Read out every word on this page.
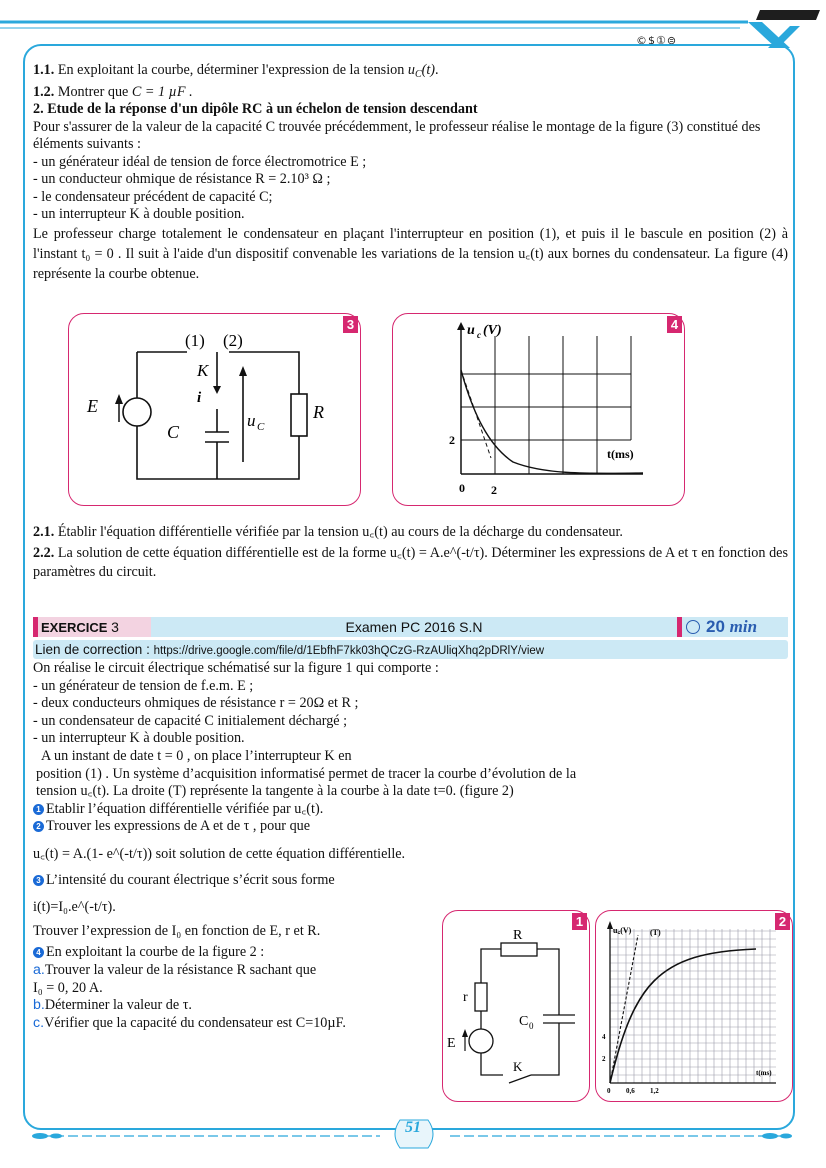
©$①⊜

1.1. En exploitant la courbe, déterminer l'expression de la tension $u_C(t)$.

1.2. Montrer que C = 1 µF .

2. Etude de la réponse d'un dipôle RC à un échelon de tension descendant

Pour s'assurer de la valeur de la capacité C trouvée précédemment, le professeur réalise le montage de la figure (3) constitué des éléments suivants :

- un générateur idéal de tension de force électromotrice E ;

- un conducteur ohmique de résistance R = 2.10³ Ω ;

- le condensateur précédent de capacité C;

- un interrupteur K à double position.

Le professeur charge totalement le condensateur en plaçant l'interrupteur en position (1), et puis il le bascule en position (2) à l'instant t₀ = 0 . Il suit à l'aide d'un dispositif convenable les variations de la tension u꜀(t) aux bornes du condensateur. La figure (4) représente la courbe obtenue.

3
(1) (2)
K
i
E
C
u C
R
4
u c (V)
t(ms)
0 2
2

2.1. Établir l'équation différentielle vérifiée par la tension u꜀(t) au cours de la décharge du condensateur.

2.2. La solution de cette équation différentielle est de la forme u꜀(t) = A.e^(-t/τ). Déterminer les expressions de A et τ en fonction des paramètres du circuit.

EXERCICE 3	Examen PC 2016 S.N	20 min
Lien de correction : https://drive.google.com/file/d/1EbfhF7kk03hQCzG-RzAUliqXhq2pDRlY/view

On réalise le circuit électrique schématisé sur la figure 1 qui comporte :

- un générateur de tension de f.e.m. E ;

- deux conducteurs ohmiques de résistance r = 20Ω et R ;

- un condensateur de capacité C initialement déchargé ;

- un interrupteur K à double position.

A un instant de date t = 0 , on place l’interrupteur K en

position (1) . Un système d’acquisition informatisé permet de tracer la courbe d’évolution de la

tension u꜀(t). La droite (T) représente la tangente à la courbe à la date t=0. (figure 2)

1 Etablir l’équation différentielle vérifiée par u꜀(t).

2 Trouver les expressions de A et de τ , pour que

u꜀(t) = A.(1- e^(-t/τ)) soit solution de cette équation différentielle.

3 L’intensité du courant électrique s’écrit sous forme

i(t)=I₀.e^(-t/τ).

Trouver l’expression de I₀ en fonction de E, r et R.

4 En exploitant la courbe de la figure 2 :

a.Trouver la valeur de la résistance R sachant que

I₀ = 0, 20 A.

b.Déterminer la valeur de τ.

c.Vérifier que la capacité du condensateur est C=10µF.

1
R
r
C 0
E
K
2
u꜀(V) (T)
t(ms)
0 0,6 1,2
2
4
51
